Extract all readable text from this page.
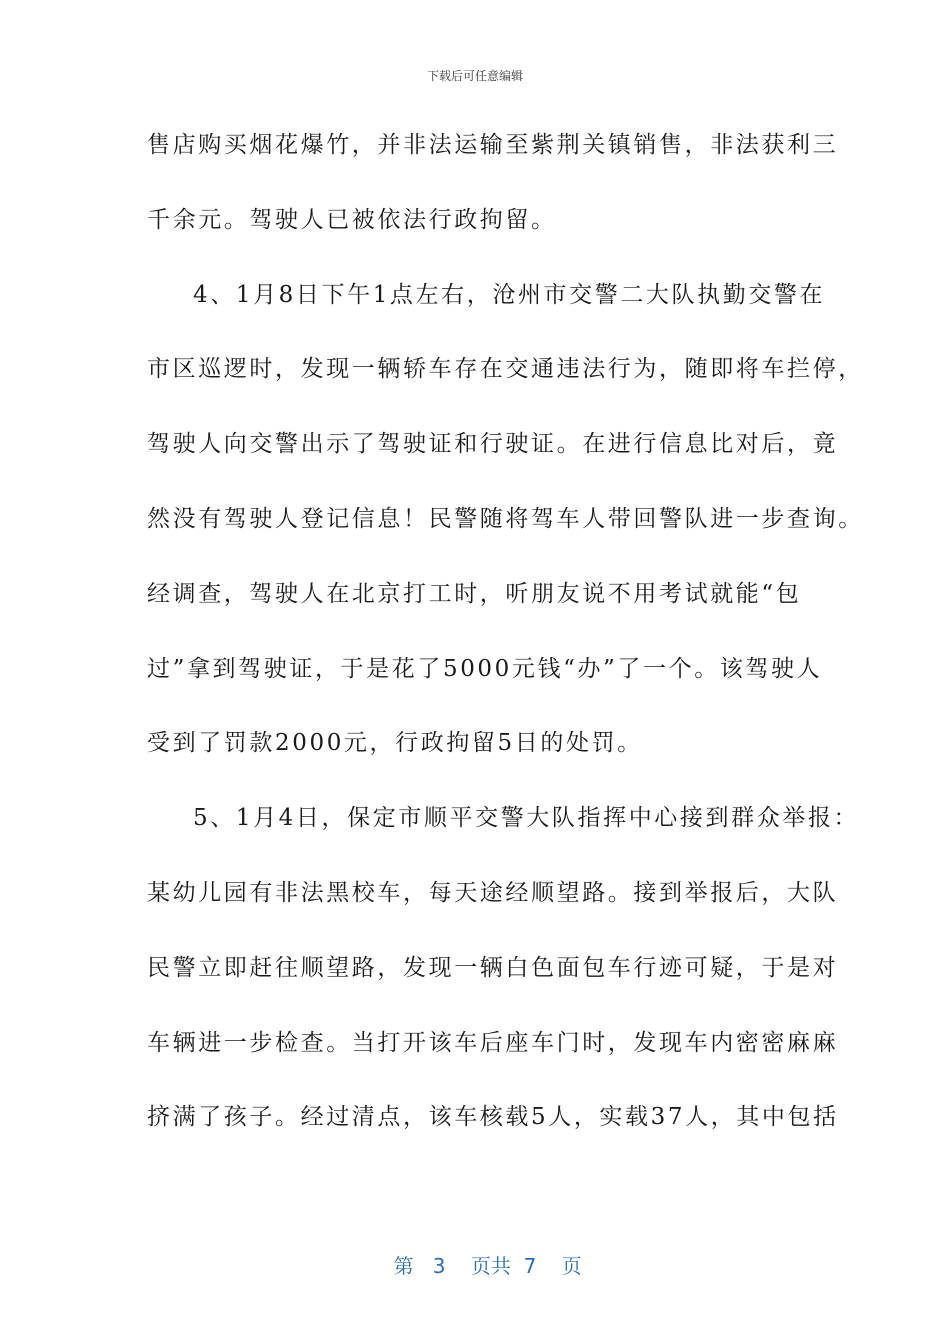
下载后可任意编辑
售店购买烟花爆竹，并非法运输至紫荆关镇销售，非法获利三
千余元。驾驶人已被依法行政拘留。
4、1月8日下午1点左右，沧州市交警二大队执勤交警在
市区巡逻时，发现一辆轿车存在交通违法行为，随即将车拦停，
驾驶人向交警出示了驾驶证和行驶证。在进行信息比对后，竟
然没有驾驶人登记信息！民警随将驾车人带回警队进一步查询。
经调查，驾驶人在北京打工时，听朋友说不用考试就能“包
过”拿到驾驶证，于是花了5000元钱“办”了一个。该驾驶人
受到了罚款2000元，行政拘留5日的处罚。
5、1月4日，保定市顺平交警大队指挥中心接到群众举报：
某幼儿园有非法黑校车，每天途经顺望路。接到举报后，大队
民警立即赶往顺望路，发现一辆白色面包车行迹可疑，于是对
车辆进一步检查。当打开该车后座车门时，发现车内密密麻麻
挤满了孩子。经过清点，该车核载5人，实载37人，其中包括

第 3 页共 7 页
